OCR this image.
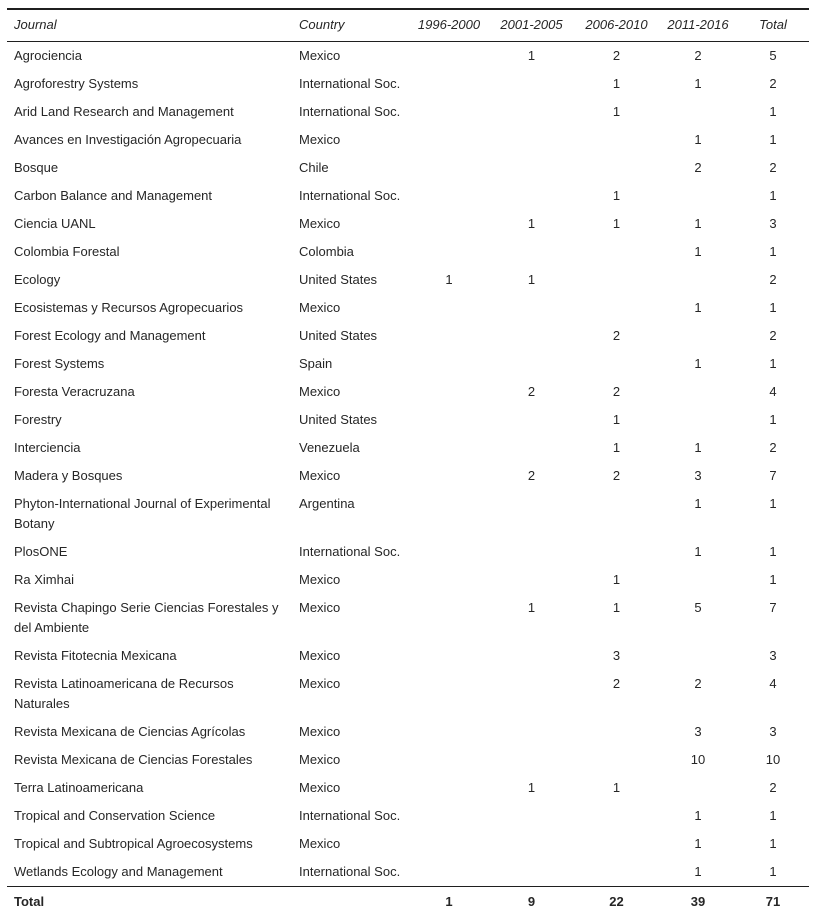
Journal	Country	1996-2000	2001-2005	2006-2010	2011-2016	Total
Agrociencia	Mexico		1	2	2	5
Agroforestry Systems	International Soc.			1	1	2
Arid Land Research and Management	International Soc.			1		1
Avances en Investigación Agropecuaria	Mexico				1	1
Bosque	Chile				2	2
Carbon Balance and Management	International Soc.			1		1
Ciencia UANL	Mexico		1	1	1	3
Colombia Forestal	Colombia				1	1
Ecology	United States	1	1			2
Ecosistemas y Recursos Agropecuarios	Mexico				1	1
Forest Ecology and Management	United States			2		2
Forest Systems	Spain				1	1
Foresta Veracruzana	Mexico		2	2		4
Forestry	United States			1		1
Interciencia	Venezuela			1	1	2
Madera y Bosques	Mexico		2	2	3	7
Phyton-International Journal of Experimental Botany	Argentina				1	1
PlosONE	International Soc.				1	1
Ra Ximhai	Mexico			1		1
Revista Chapingo Serie Ciencias Forestales y del Ambiente	Mexico		1	1	5	7
Revista Fitotecnia Mexicana	Mexico			3		3
Revista Latinoamericana de Recursos Naturales	Mexico			2	2	4
Revista Mexicana de Ciencias Agrícolas	Mexico				3	3
Revista Mexicana de Ciencias Forestales	Mexico				10	10
Terra Latinoamericana	Mexico		1	1		2
Tropical and Conservation Science	International Soc.				1	1
Tropical and Subtropical Agroecosystems	Mexico				1	1
Wetlands Ecology and Management	International Soc.				1	1
Total		1	9	22	39	71
